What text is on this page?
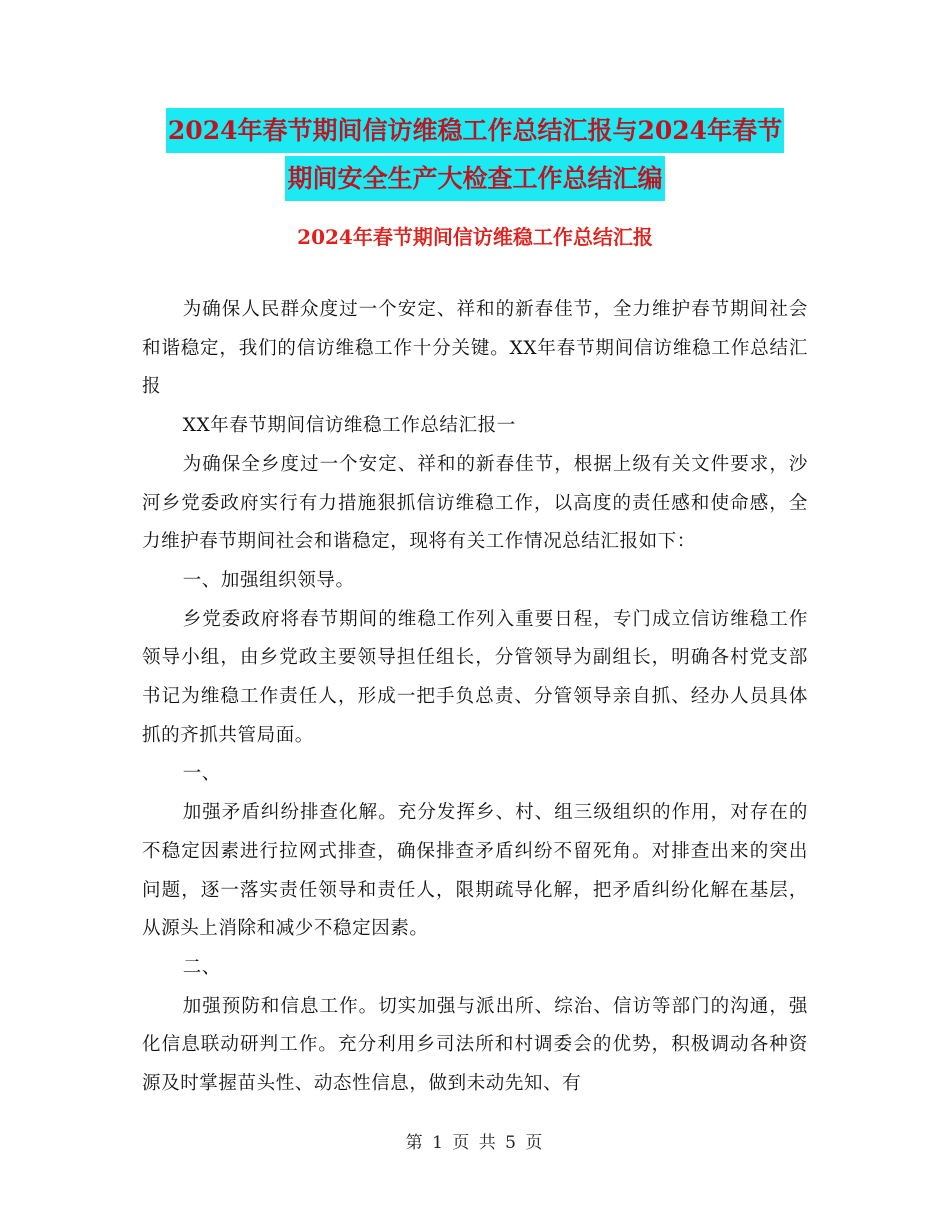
2024年春节期间信访维稳工作总结汇报与2024年春节
期间安全生产大检查工作总结汇编
2024年春节期间信访维稳工作总结汇报

为确保人民群众度过一个安定、祥和的新春佳节，全力维护春节期间社会和谐稳定，我们的信访维稳工作十分关键。XX年春节期间信访维稳工作总结汇报

XX年春节期间信访维稳工作总结汇报一

为确保全乡度过一个安定、祥和的新春佳节，根据上级有关文件要求，沙河乡党委政府实行有力措施狠抓信访维稳工作，以高度的责任感和使命感，全力维护春节期间社会和谐稳定，现将有关工作情况总结汇报如下：

一、加强组织领导。

乡党委政府将春节期间的维稳工作列入重要日程，专门成立信访维稳工作领导小组，由乡党政主要领导担任组长，分管领导为副组长，明确各村党支部书记为维稳工作责任人，形成一把手负总责、分管领导亲自抓、经办人员具体抓的齐抓共管局面。

一、

加强矛盾纠纷排查化解。充分发挥乡、村、组三级组织的作用，对存在的不稳定因素进行拉网式排查，确保排查矛盾纠纷不留死角。对排查出来的突出问题，逐一落实责任领导和责任人，限期疏导化解，把矛盾纠纷化解在基层，从源头上消除和减少不稳定因素。

二、

加强预防和信息工作。切实加强与派出所、综治、信访等部门的沟通，强化信息联动研判工作。充分利用乡司法所和村调委会的优势，积极调动各种资源及时掌握苗头性、动态性信息，做到未动先知、有

第 1 页 共 5 页
